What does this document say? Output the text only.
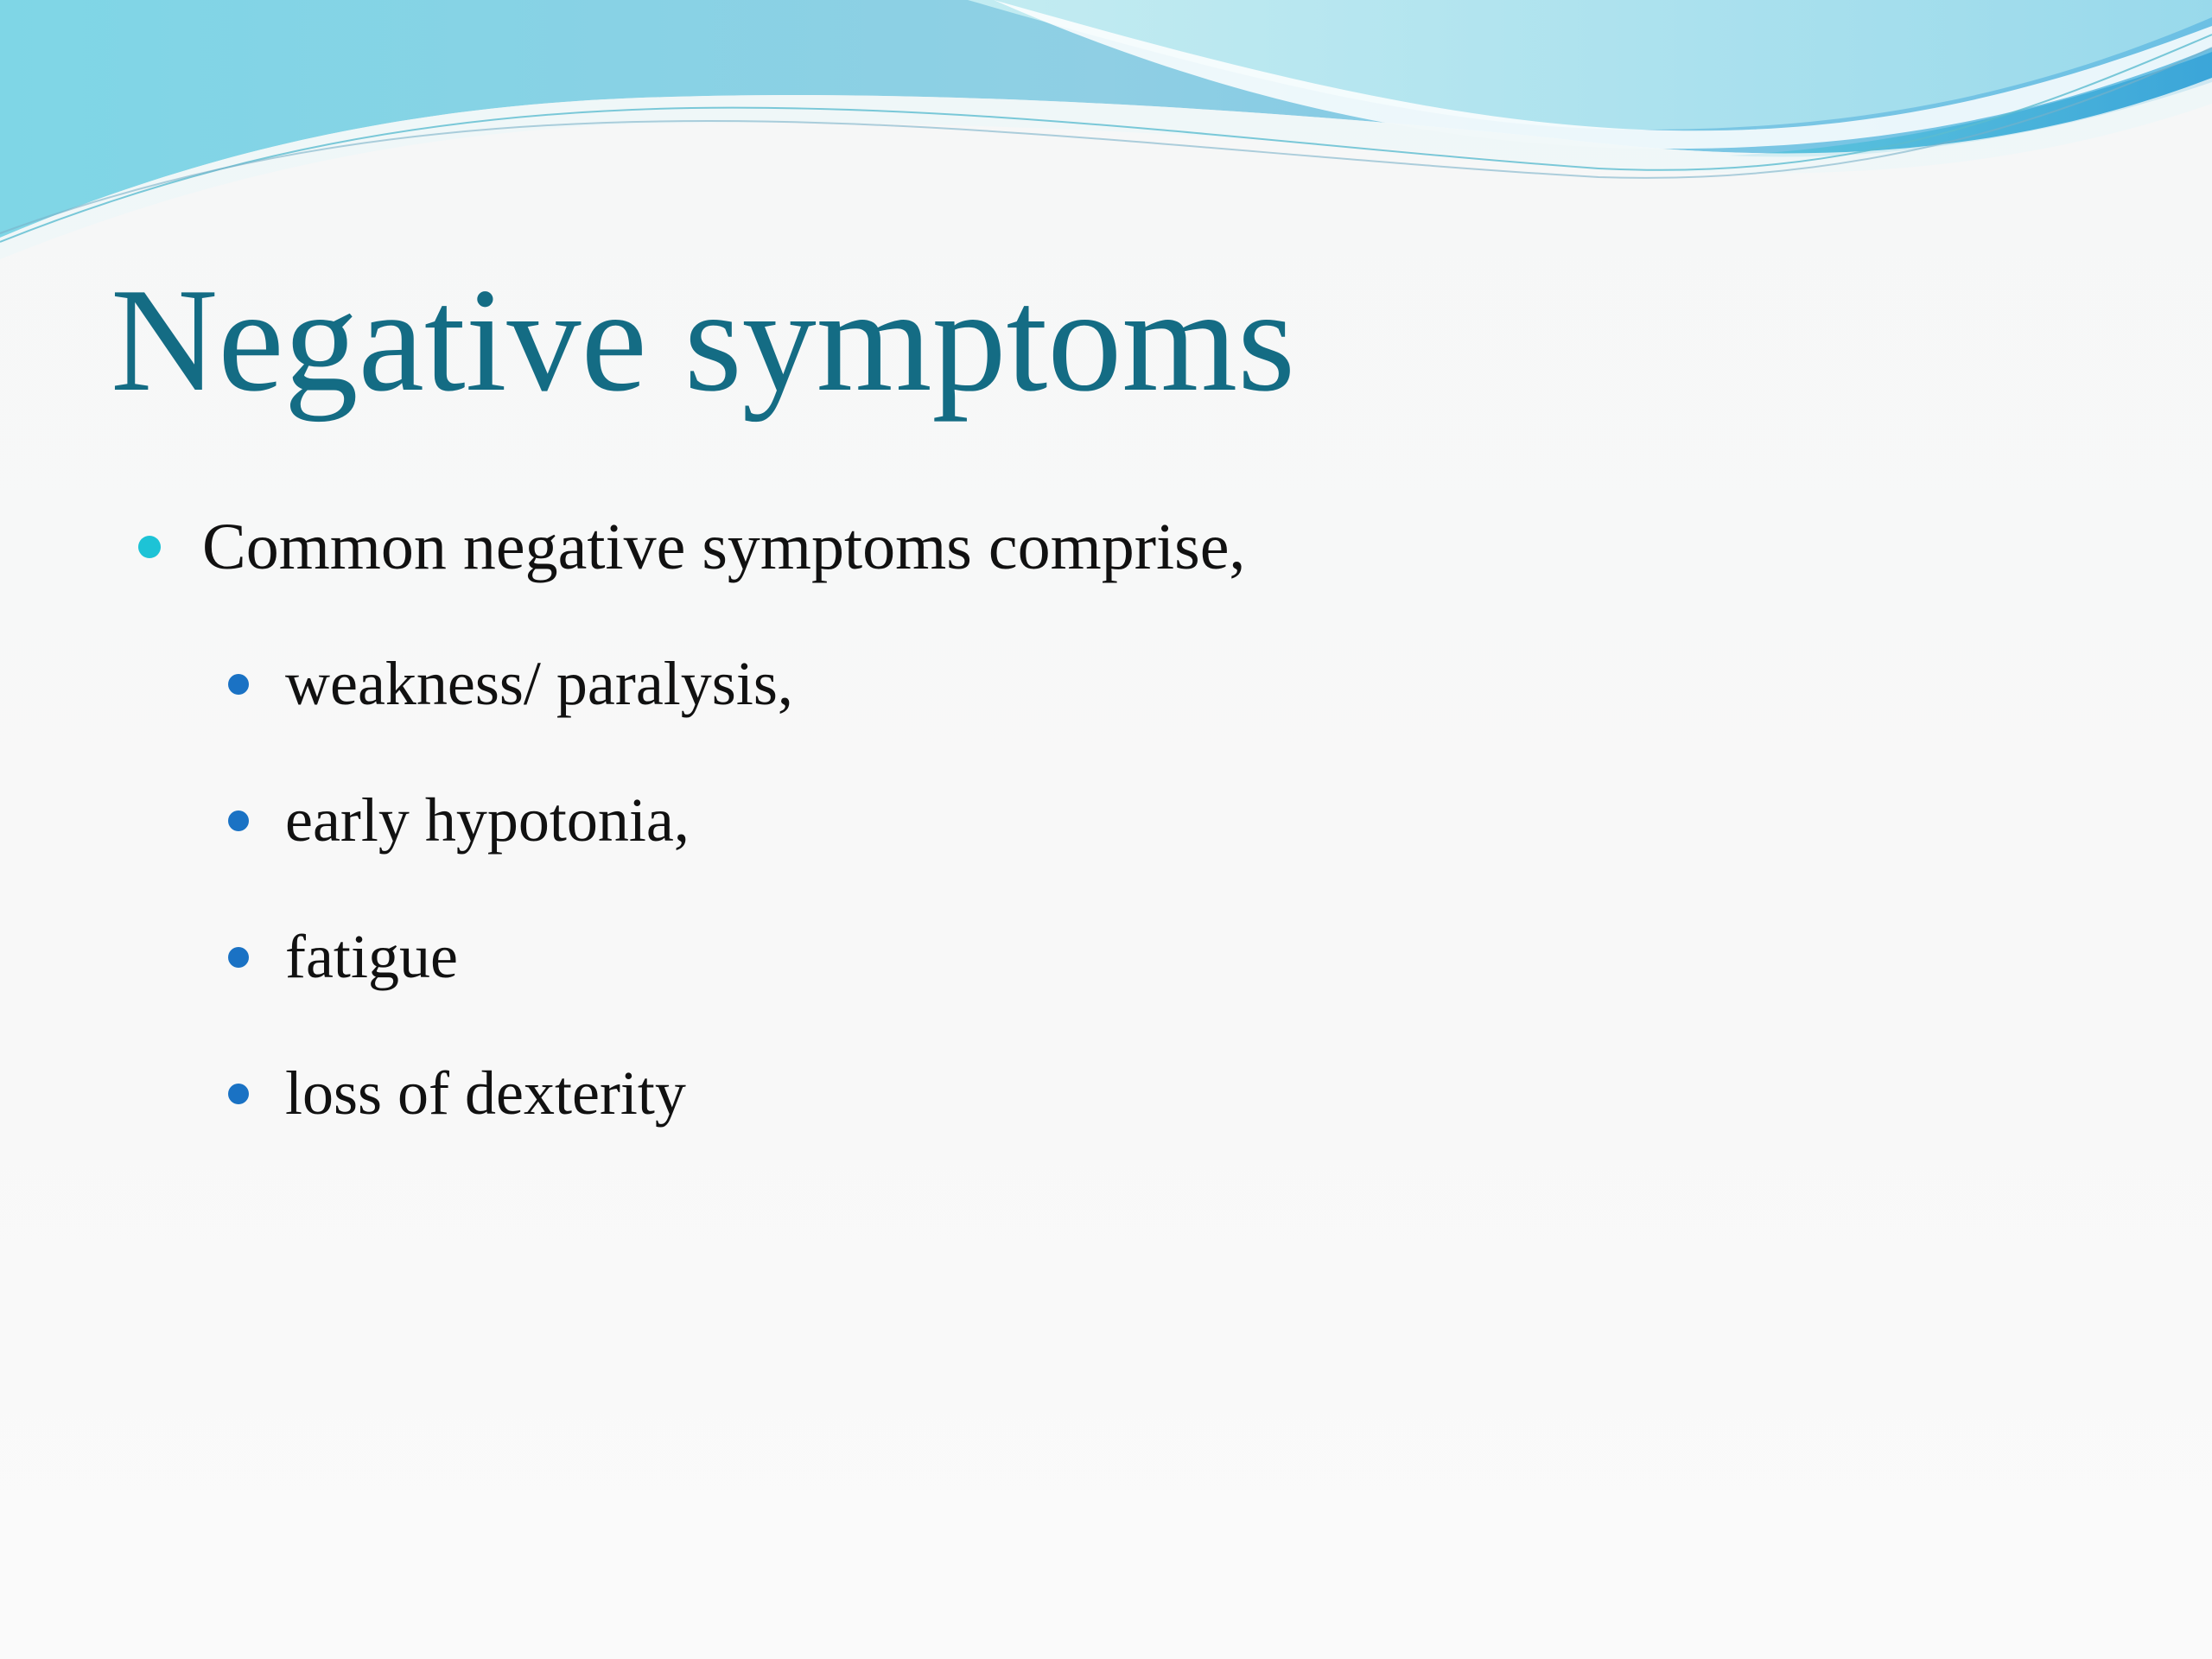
Negative symptoms
Common negative symptoms comprise,
weakness/ paralysis,
early hypotonia,
fatigue
loss of dexterity
